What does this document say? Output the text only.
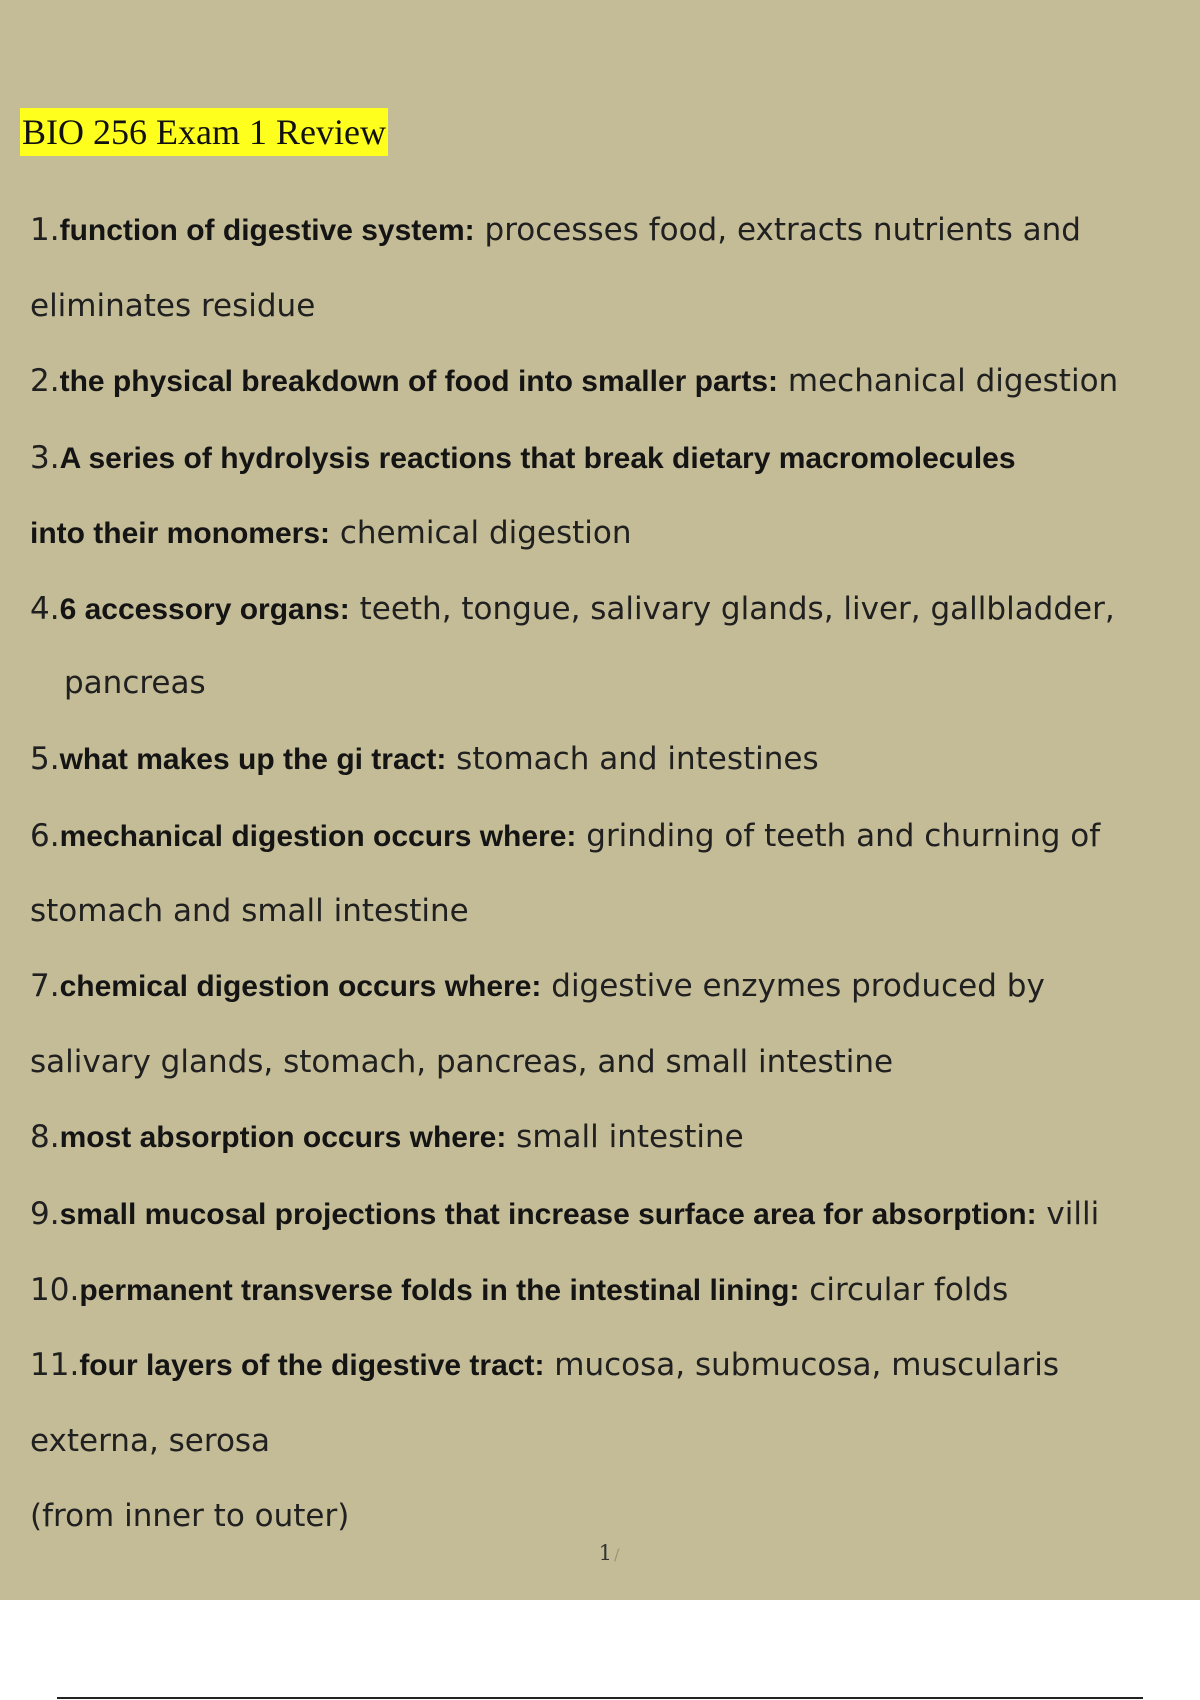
BIO 256 Exam 1 Review
1.function of digestive system: processes food, extracts nutrients and
eliminates residue
2.the physical breakdown of food into smaller parts: mechanical digestion
3.A series of hydrolysis reactions that break dietary macromolecules
into their monomers: chemical digestion
4.6 accessory organs: teeth, tongue, salivary glands, liver, gallbladder,
pancreas
5.what makes up the gi tract: stomach and intestines
6.mechanical digestion occurs where: grinding of teeth and churning of
stomach and small intestine
7.chemical digestion occurs where: digestive enzymes produced by
salivary glands, stomach, pancreas, and small intestine
8.most absorption occurs where: small intestine
9.small mucosal projections that increase surface area for absorption: villi
10.permanent transverse folds in the intestinal lining: circular folds
11.four layers of the digestive tract: mucosa, submucosa, muscularis
externa, serosa
(from inner to outer)
1 /
